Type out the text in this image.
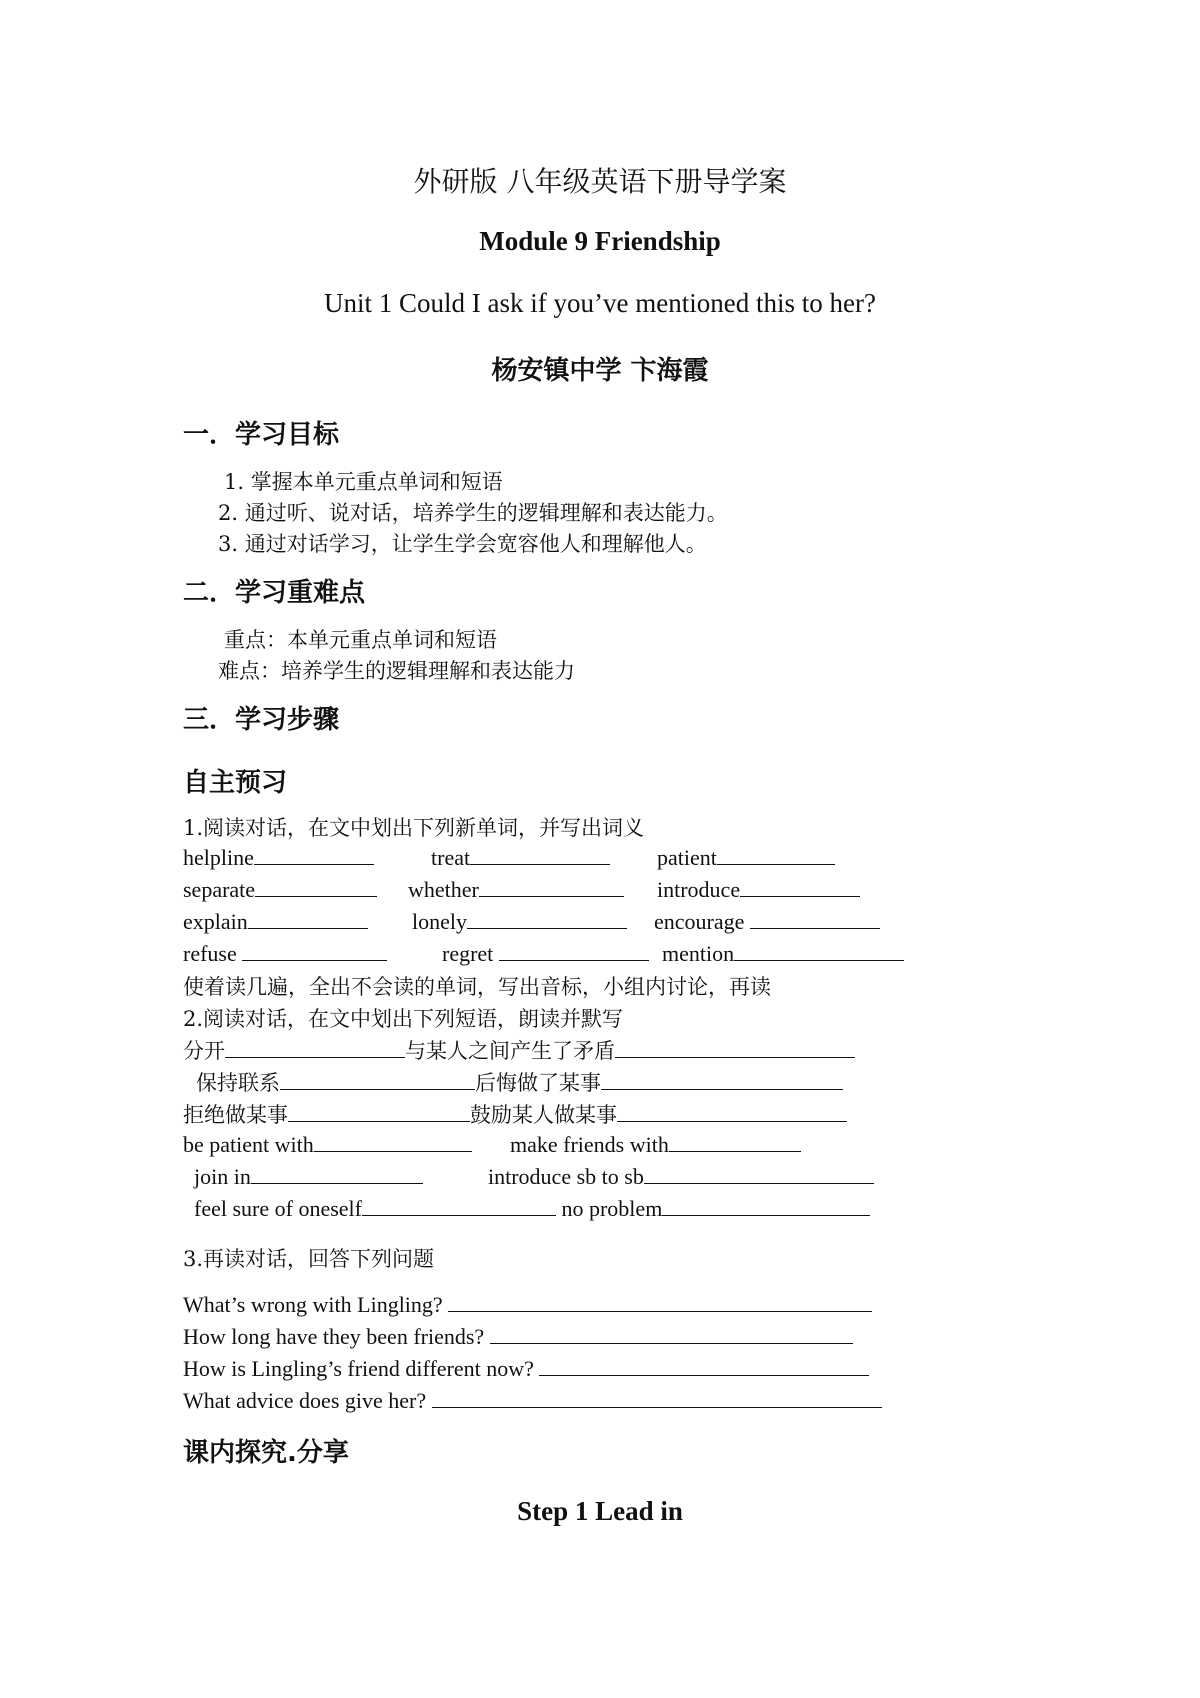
外研版 八年级英语下册导学案
Module 9 Friendship
Unit 1 Could I ask if you’ve mentioned this to her?
杨安镇中学 卞海霞
一．学习目标
1. 掌握本单元重点单词和短语
2. 通过听、说对话，培养学生的逻辑理解和表达能力。
3. 通过对话学习，让学生学会宽容他人和理解他人。
二．学习重难点
重点：本单元重点单词和短语
难点：培养学生的逻辑理解和表达能力
三．学习步骤
自主预习
1.阅读对话，在文中划出下列新单词，并写出词义
helpline	treat	patient
separate	whether	introduce
explain	lonely	encourage
refuse	regret	mention
使着读几遍，全出不会读的单词，写出音标，小组内讨论，再读
2.阅读对话，在文中划出下列短语，朗读并默写
分开	与某人之间产生了矛盾
保持联系	后悔做了某事
拒绝做某事	鼓励某人做某事
be patient with	make friends with
join in	introduce sb to sb
feel sure of oneself	no problem
3.再读对话，回答下列问题
What’s wrong with Lingling?
How long have they been friends?
How is Lingling’s friend different now?
What advice does give her?
课内探究.分享
Step 1 Lead in
